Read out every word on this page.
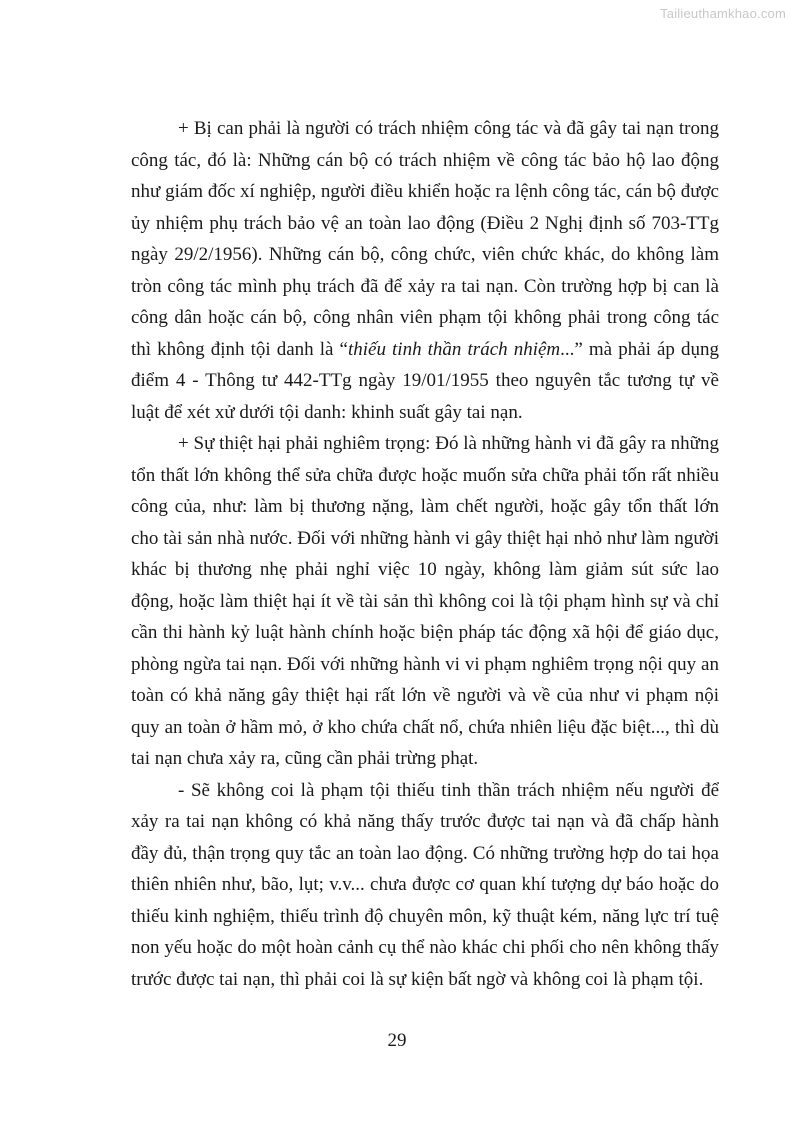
Tailieuthamkhao.com

+ Bị can phải là người có trách nhiệm công tác và đã gây tai nạn trong công tác, đó là: Những cán bộ có trách nhiệm về công tác bảo hộ lao động như giám đốc xí nghiệp, người điều khiển hoặc ra lệnh công tác, cán bộ được ủy nhiệm phụ trách bảo vệ an toàn lao động (Điều 2 Nghị định số 703-TTg ngày 29/2/1956). Những cán bộ, công chức, viên chức khác, do không làm tròn công tác mình phụ trách đã để xảy ra tai nạn. Còn trường hợp bị can là công dân hoặc cán bộ, công nhân viên phạm tội không phải trong công tác thì không định tội danh là “thiếu tinh thần trách nhiệm...” mà phải áp dụng điểm 4 - Thông tư 442-TTg ngày 19/01/1955 theo nguyên tắc tương tự về luật để xét xử dưới tội danh: khinh suất gây tai nạn.

+ Sự thiệt hại phải nghiêm trọng: Đó là những hành vi đã gây ra những tổn thất lớn không thể sửa chữa được hoặc muốn sửa chữa phải tốn rất nhiều công của, như: làm bị thương nặng, làm chết người, hoặc gây tổn thất lớn cho tài sản nhà nước. Đối với những hành vi gây thiệt hại nhỏ như làm người khác bị thương nhẹ phải nghỉ việc 10 ngày, không làm giảm sút sức lao động, hoặc làm thiệt hại ít về tài sản thì không coi là tội phạm hình sự và chỉ cần thi hành kỷ luật hành chính hoặc biện pháp tác động xã hội để giáo dục, phòng ngừa tai nạn. Đối với những hành vi vi phạm nghiêm trọng nội quy an toàn có khả năng gây thiệt hại rất lớn về người và về của như vi phạm nội quy an toàn ở hầm mỏ, ở kho chứa chất nổ, chứa nhiên liệu đặc biệt..., thì dù tai nạn chưa xảy ra, cũng cần phải trừng phạt.

- Sẽ không coi là phạm tội thiếu tinh thần trách nhiệm nếu người để xảy ra tai nạn không có khả năng thấy trước được tai nạn và đã chấp hành đầy đủ, thận trọng quy tắc an toàn lao động. Có những trường hợp do tai họa thiên nhiên như, bão, lụt; v.v... chưa được cơ quan khí tượng dự báo hoặc do thiếu kinh nghiệm, thiếu trình độ chuyên môn, kỹ thuật kém, năng lực trí tuệ non yếu hoặc do một hoàn cảnh cụ thể nào khác chi phối cho nên không thấy trước được tai nạn, thì phải coi là sự kiện bất ngờ và không coi là phạm tội.

29
